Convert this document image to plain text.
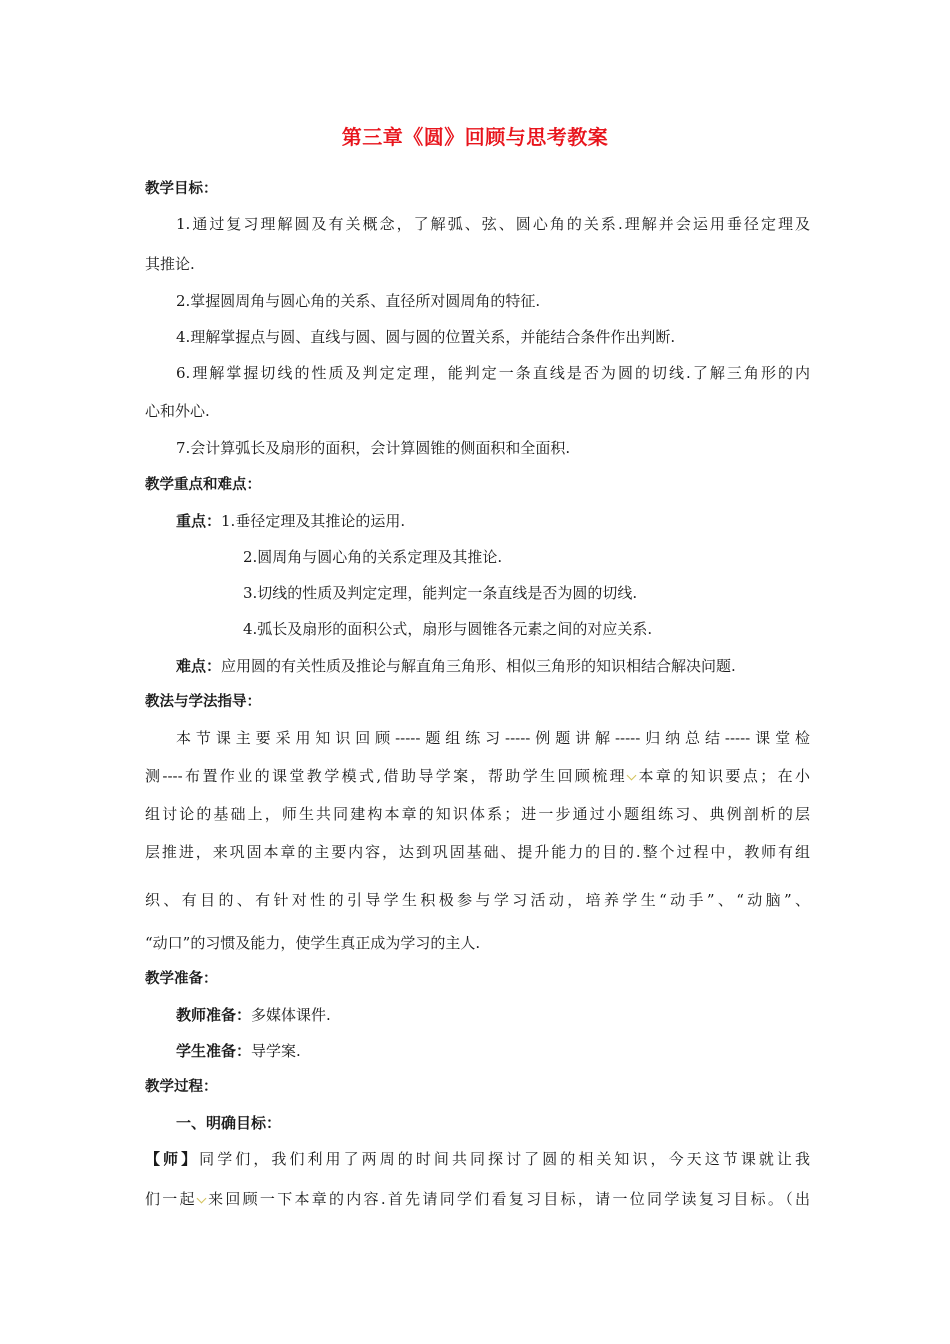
第三章《圆》回顾与思考教案
教学目标：
1.通过复习理解圆及有关概念，了解弧、弦、圆心角的关系.理解并会运用垂径定理及
其推论.
2.掌握圆周角与圆心角的关系、直径所对圆周角的特征.
4.理解掌握点与圆、直线与圆、圆与圆的位置关系，并能结合条件作出判断.
6.理解掌握切线的性质及判定定理，能判定一条直线是否为圆的切线.了解三角形的内
心和外心.
7.会计算弧长及扇形的面积，会计算圆锥的侧面积和全面积.
教学重点和难点：
重点：1.垂径定理及其推论的运用.
2.圆周角与圆心角的关系定理及其推论.
3.切线的性质及判定定理，能判定一条直线是否为圆的切线.
4.弧长及扇形的面积公式，扇形与圆锥各元素之间的对应关系.
难点：应用圆的有关性质及推论与解直角三角形、相似三角形的知识相结合解决问题.
教法与学法指导：
本节课主要采用知识回顾-----题组练习-----例题讲解-----归纳总结-----课堂检
测----布置作业的课堂教学模式,借助导学案，帮助学生回顾梳理 本章的知识要点；在小
组讨论的基础上，师生共同建构本章的知识体系；进一步通过小题组练习、典例剖析的层
层推进，来巩固本章的主要内容，达到巩固基础、提升能力的目的.整个过程中，教师有组
织、有目的、有针对性的引导学生积极参与学习活动，培养学生“动手”、“动脑”、
“动口”的习惯及能力，使学生真正成为学习的主人.
教学准备：
教师准备：多媒体课件.
学生准备：导学案.
教学过程：
一、明确目标：
【师】同学们，我们利用了两周的时间共同探讨了圆的相关知识，今天这节课就让我
们一起 来回顾一下本章的内容.首先请同学们看复习目标，请一位同学读复习目标。（出
